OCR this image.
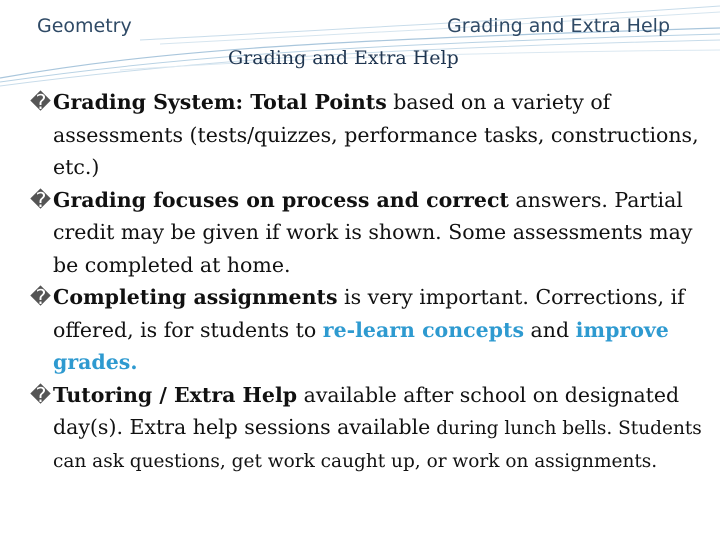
Geometry	Grading and Extra Help
Grading and Extra Help
� Grading System: Total Points based on a variety of assessments (tests/quizzes, performance tasks, constructions, etc.)
� Grading focuses on process and correct answers. Partial credit may be given if work is shown. Some assessments may be completed at home.
� Completing assignments is very important. Corrections, if offered, is for students to re-learn concepts and improve grades.
� Tutoring / Extra Help available after school on designated day(s). Extra help sessions available during lunch bells. Students can ask questions, get work caught up, or work on assignments.
